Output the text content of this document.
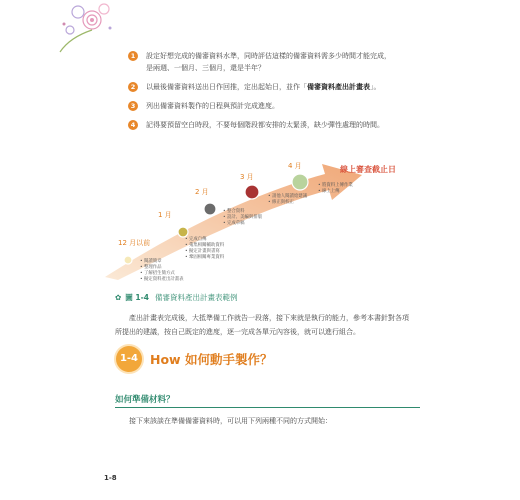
1	設定好想完成的備審資料水準，同時評估這樣的備審資料需多少時間才能完成，
是兩週、一個月、三個月，還是半年？
2	以最後備審資料送出日作回推，定出起始日，並作「備審資料產出計畫表」。
3	列出備審資料製作的日程與預計完成進度。
4	記得要預留空白時段，不要每個階段都安排的太緊湊，缺少彈性處理的時間。
12 月以前
• 閱讀簡章
• 整理作品
• 了解招生簡方式
• 擬定資料產出計畫表
1 月
• 完成自傳
• 蒐集相關輔助資料
• 擬定計畫與書寫
• 鞏固相關專業資料
2 月
• 整合資料
• 設計、美編與排版
• 完成草稿
3 月
• 請他人閱讀給建議
• 修正與校正
4 月
• 將資料上傳作業
• 線上上傳
線上審查截止日
✿ 圖 1-4 備審資料產出計畫表範例
產出計畫表完成後，大抵準備工作就告一段落，接下來就是執行的能力，參考本書針對各項所提出的建議，按自己既定的進度，逐一完成各單元內容後，就可以進行組合。
1-4 How 如何動手製作？
如何準備材料？
接下來該談在準備備審資料時，可以用下列兩種不同的方式開始：
1-8
